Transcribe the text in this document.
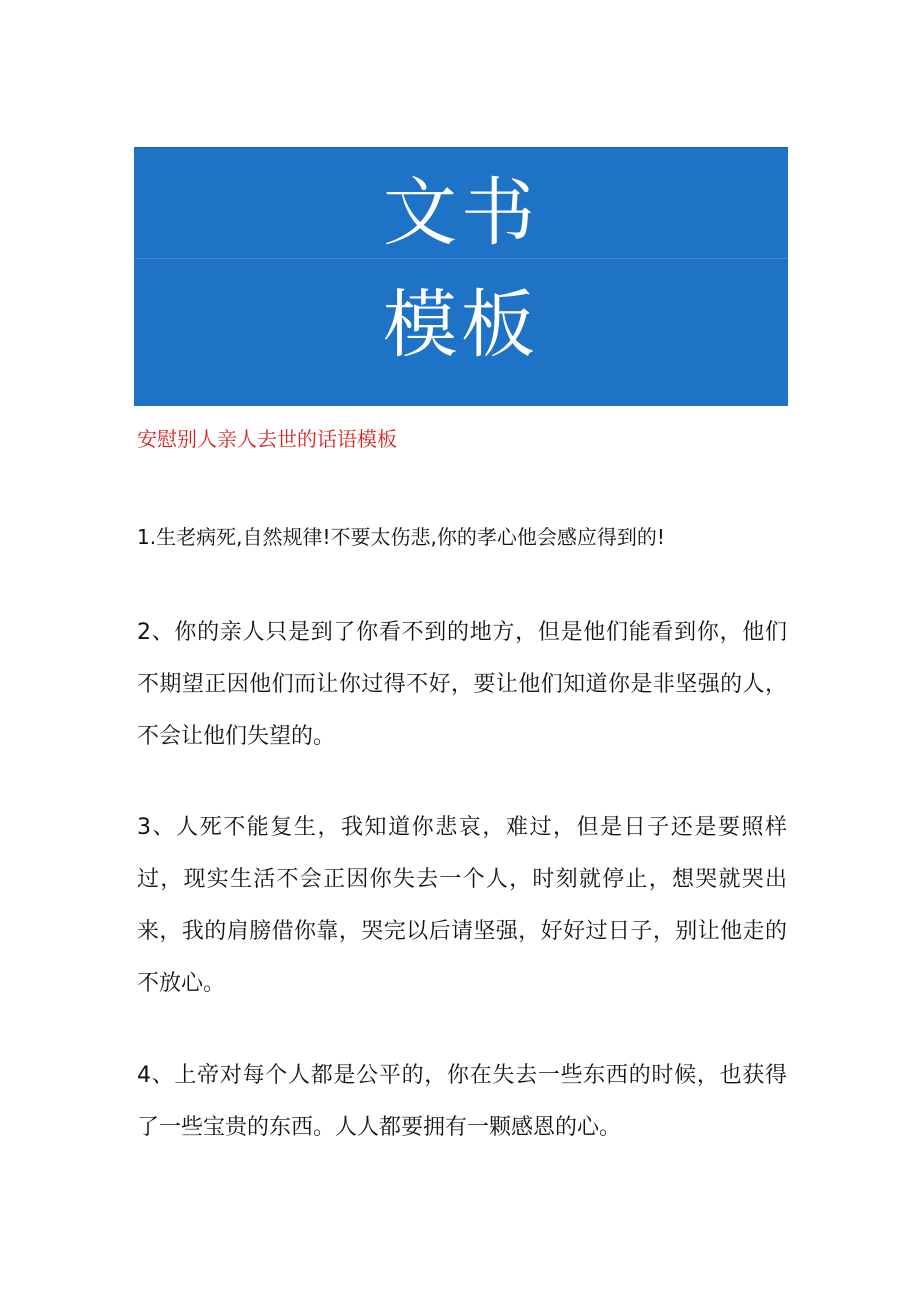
文书
模板
安慰别人亲人去世的话语模板
1.生老病死,自然规律!不要太伤悲,你的孝心他会感应得到的!
2、你的亲人只是到了你看不到的地方，但是他们能看到你，他们不期望正因他们而让你过得不好，要让他们知道你是非坚强的人，不会让他们失望的。
3、人死不能复生，我知道你悲哀，难过，但是日子还是要照样过，现实生活不会正因你失去一个人，时刻就停止，想哭就哭出来，我的肩膀借你靠，哭完以后请坚强，好好过日子，别让他走的不放心。
4、上帝对每个人都是公平的，你在失去一些东西的时候，也获得了一些宝贵的东西。人人都要拥有一颗感恩的心。
